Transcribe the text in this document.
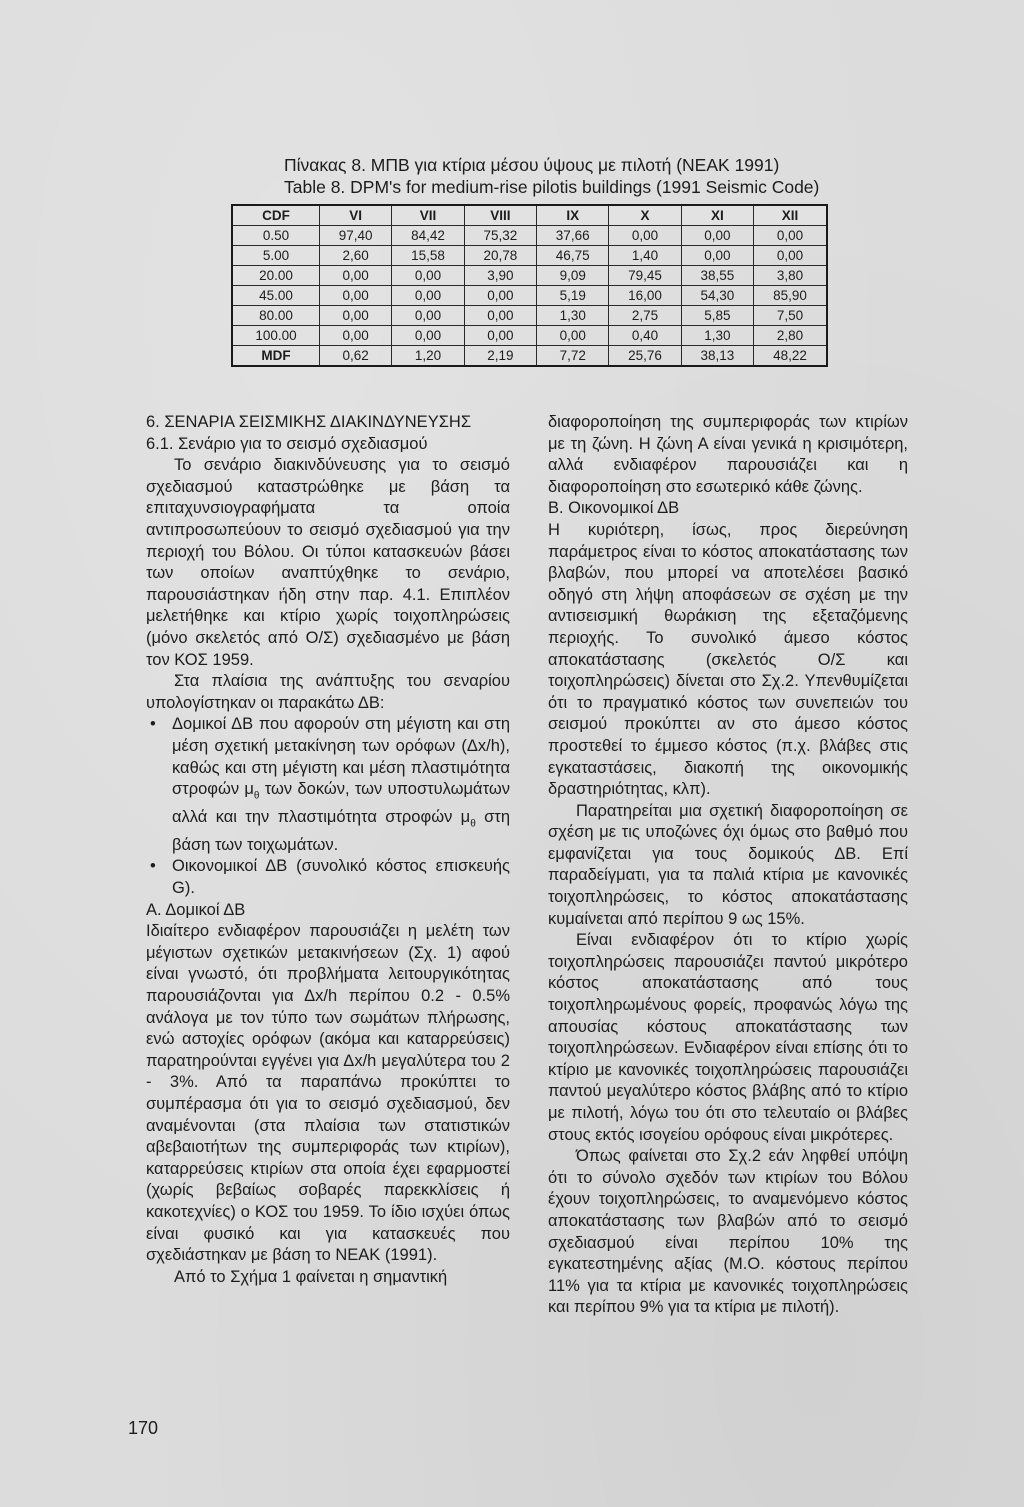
Πίνακας 8. ΜΠΒ για κτίρια μέσου ύψους με πιλοτή (ΝΕΑΚ 1991)
Table 8. DPM's for medium-rise pilotis buildings (1991 Seismic Code)
CDF	VI	VII	VIII	IX	X	XI	XII
0.50	97,40	84,42	75,32	37,66	0,00	0,00	0,00
5.00	2,60	15,58	20,78	46,75	1,40	0,00	0,00
20.00	0,00	0,00	3,90	9,09	79,45	38,55	3,80
45.00	0,00	0,00	0,00	5,19	16,00	54,30	85,90
80.00	0,00	0,00	0,00	1,30	2,75	5,85	7,50
100.00	0,00	0,00	0,00	0,00	0,40	1,30	2,80
MDF	0,62	1,20	2,19	7,72	25,76	38,13	48,22

6. ΣΕΝΑΡΙΑ ΣΕΙΣΜΙΚΗΣ ΔΙΑΚΙΝΔΥΝΕΥΣΗΣ

6.1. Σενάριο για το σεισμό σχεδιασμού

Το σενάριο διακινδύνευσης για το σεισμό σχεδιασμού καταστρώθηκε με βάση τα επιταχυνσιογραφήματα τα οποία αντιπροσωπεύουν το σεισμό σχεδιασμού για την περιοχή του Βόλου. Οι τύποι κατασκευών βάσει των οποίων αναπτύχθηκε το σενάριο, παρουσιάστηκαν ήδη στην παρ. 4.1. Επιπλέον μελετήθηκε και κτίριο χωρίς τοιχοπληρώσεις (μόνο σκελετός από Ο/Σ) σχεδιασμένο με βάση τον ΚΟΣ 1959.

Στα πλαίσια της ανάπτυξης του σεναρίου υπολογίστηκαν οι παρακάτω ΔΒ:

• Δομικοί ΔΒ που αφορούν στη μέγιστη και στη μέση σχετική μετακίνηση των ορόφων (Δx/h), καθώς και στη μέγιστη και μέση πλαστιμότητα στροφών $\mu_\theta$ των δοκών, των υποστυλωμάτων αλλά και την πλαστιμότητα στροφών $\mu_\theta$ στη βάση των τοιχωμάτων.
• Οικονομικοί ΔΒ (συνολικό κόστος επισκευής G).

Α. Δομικοί ΔΒ

Ιδιαίτερο ενδιαφέρον παρουσιάζει η μελέτη των μέγιστων σχετικών μετακινήσεων (Σχ. 1) αφού είναι γνωστό, ότι προβλήματα λειτουργικότητας παρουσιάζονται για Δx/h περίπου 0.2 - 0.5% ανάλογα με τον τύπο των σωμάτων πλήρωσης, ενώ αστοχίες ορόφων (ακόμα και καταρρεύσεις) παρατηρούνται εγγένει για Δx/h μεγαλύτερα του 2 - 3%. Από τα παραπάνω προκύπτει το συμπέρασμα ότι για το σεισμό σχεδιασμού, δεν αναμένονται (στα πλαίσια των στατιστικών αβεβαιοτήτων της συμπεριφοράς των κτιρίων), καταρρεύσεις κτιρίων στα οποία έχει εφαρμοστεί (χωρίς βεβαίως σοβαρές παρεκκλίσεις ή κακοτεχνίες) ο ΚΟΣ του 1959. Το ίδιο ισχύει όπως είναι φυσικό και για κατασκευές που σχεδιάστηκαν με βάση το ΝΕΑΚ (1991).

Από το Σχήμα 1 φαίνεται η σημαντική

διαφοροποίηση της συμπεριφοράς των κτιρίων με τη ζώνη. Η ζώνη Α είναι γενικά η κρισιμότερη, αλλά ενδιαφέρον παρουσιάζει και η διαφοροποίηση στο εσωτερικό κάθε ζώνης.

Β. Οικονομικοί ΔΒ

Η κυριότερη, ίσως, προς διερεύνηση παράμετρος είναι το κόστος αποκατάστασης των βλαβών, που μπορεί να αποτελέσει βασικό οδηγό στη λήψη αποφάσεων σε σχέση με την αντισεισμική θωράκιση της εξεταζόμενης περιοχής. Το συνολικό άμεσο κόστος αποκατάστασης (σκελετός Ο/Σ και τοιχοπληρώσεις) δίνεται στο Σχ.2. Υπενθυμίζεται ότι το πραγματικό κόστος των συνεπειών του σεισμού προκύπτει αν στο άμεσο κόστος προστεθεί το έμμεσο κόστος (π.χ. βλάβες στις εγκαταστάσεις, διακοπή της οικονομικής δραστηριότητας, κλπ).

Παρατηρείται μια σχετική διαφοροποίηση σε σχέση με τις υποζώνες όχι όμως στο βαθμό που εμφανίζεται για τους δομικούς ΔΒ. Επί παραδείγματι, για τα παλιά κτίρια με κανονικές τοιχοπληρώσεις, το κόστος αποκατάστασης κυμαίνεται από περίπου 9 ως 15%.

Είναι ενδιαφέρον ότι το κτίριο χωρίς τοιχοπληρώσεις παρουσιάζει παντού μικρότερο κόστος αποκατάστασης από τους τοιχοπληρωμένους φορείς, προφανώς λόγω της απουσίας κόστους αποκατάστασης των τοιχοπληρώσεων. Ενδιαφέρον είναι επίσης ότι το κτίριο με κανονικές τοιχοπληρώσεις παρουσιάζει παντού μεγαλύτερο κόστος βλάβης από το κτίριο με πιλοτή, λόγω του ότι στο τελευταίο οι βλάβες στους εκτός ισογείου ορόφους είναι μικρότερες.

Όπως φαίνεται στο Σχ.2 εάν ληφθεί υπόψη ότι το σύνολο σχεδόν των κτιρίων του Βόλου έχουν τοιχοπληρώσεις, το αναμενόμενο κόστος αποκατάστασης των βλαβών από το σεισμό σχεδιασμού είναι περίπου 10% της εγκατεστημένης αξίας (Μ.Ο. κόστους περίπου 11% για τα κτίρια με κανονικές τοιχοπληρώσεις και περίπου 9% για τα κτίρια με πιλοτή).

170
